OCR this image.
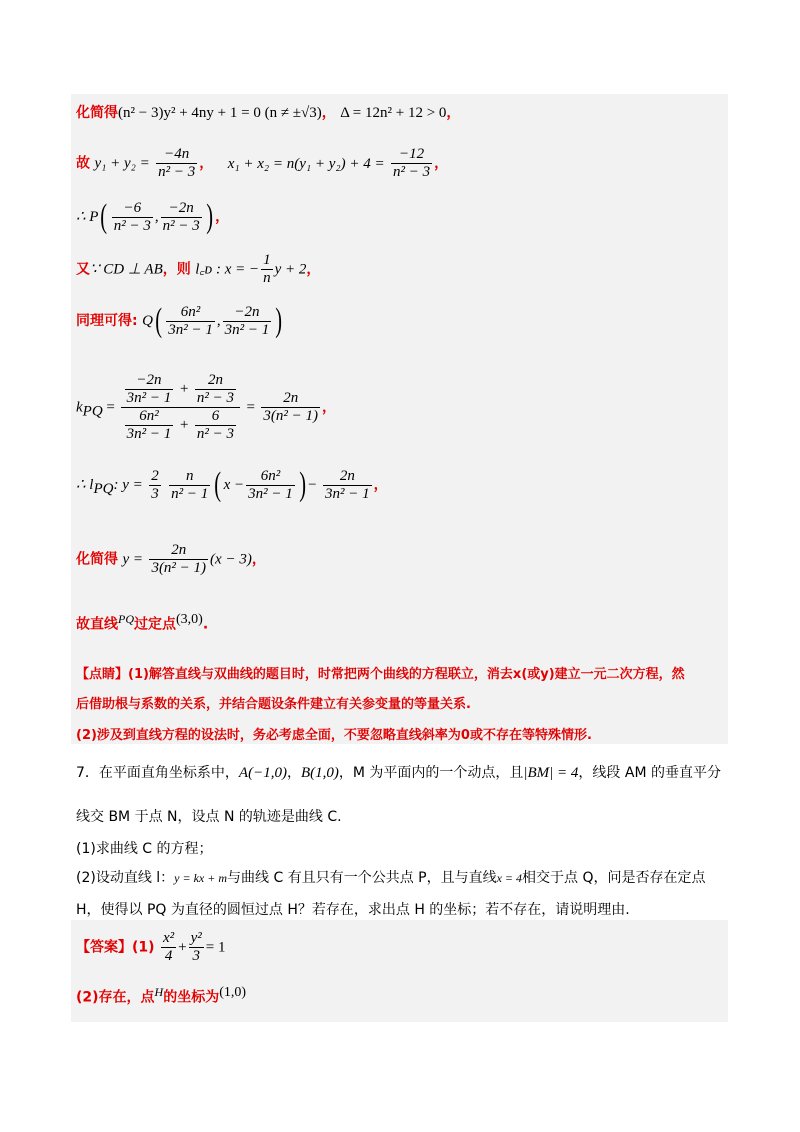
化简得(n² − 3)y² + 4ny + 1 = 0 (n ≠ ±√3)， Δ = 12n² + 12 > 0，
故 $y_1 + y_2 = \frac{-4n}{\text{n² − 3}}$ ， $x_1 + x_2 = n(y_1 + y_2) + 4 = \frac{-12}{\text{n² − 3}}$ ，
∴ $P( \frac{-6}{\text{n² − 3}}$ , $\frac{-2n}{\text{n² − 3}}$ ) ，
又∵ CD ⊥ AB，则 l꜀ᴅ : x = − $\frac{1}{n}$ y + 2，
同理可得: $Q( \frac{\text{6n²}}{\text{3n² − 1}}$ , $\frac{-2n}{\text{3n² − 1}}$ )
$k_{PQ} = \frac{\frac{-2n}{\text{3n² − 1}} + \frac{2n}{\text{n² − 3}}}{\frac{\text{6n²}}{\text{3n² − 1}} + \frac{6}{\text{n² − 3}}} = \frac{2n}{\text{3(n² − 1)}}$ ，
∴ $l_{PQ}$: $y = \frac{2}{3}$
$\frac{n}{\text{n² − 1}}$ ( $x - \frac{\text{6n²}}{\text{3n² − 1}}$ ) − $\frac{2n}{\text{3n² − 1}}$ ，
化简得 $y = \frac{2n}{\text{3(n² − 1)}} (x - 3)$，
故直线$^{PQ}$过定点$^{(3,0)}$.
【点睛】(1)解答直线与双曲线的题目时，时常把两个曲线的方程联立，消去x(或y)建立一元二次方程，然
后借助根与系数的关系，并结合题设条件建立有关参变量的等量关系.
(2)涉及到直线方程的设法时，务必考虑全面，不要忽略直线斜率为0或不存在等特殊情形.
7．在平面直角坐标系中，A(−1,0)，B(1,0)，M 为平面内的一个动点，且|BM| = 4，线段 AM 的垂直平分
线交 BM 于点 N，设点 N 的轨迹是曲线 C.
(1)求曲线 C 的方程；
(2)设动直线 l：y = kx + m与曲线 C 有且只有一个公共点 P，且与直线x = 4相交于点 Q，问是否存在定点
H，使得以 PQ 为直径的圆恒过点 H？若存在，求出点 H 的坐标；若不存在，请说明理由.
【答案】$(1) \frac{\text{x²}}{4} + \frac{\text{y²}}{3} = 1$
(2)存在，点$^H$的坐标为$^{(1,0)}$
